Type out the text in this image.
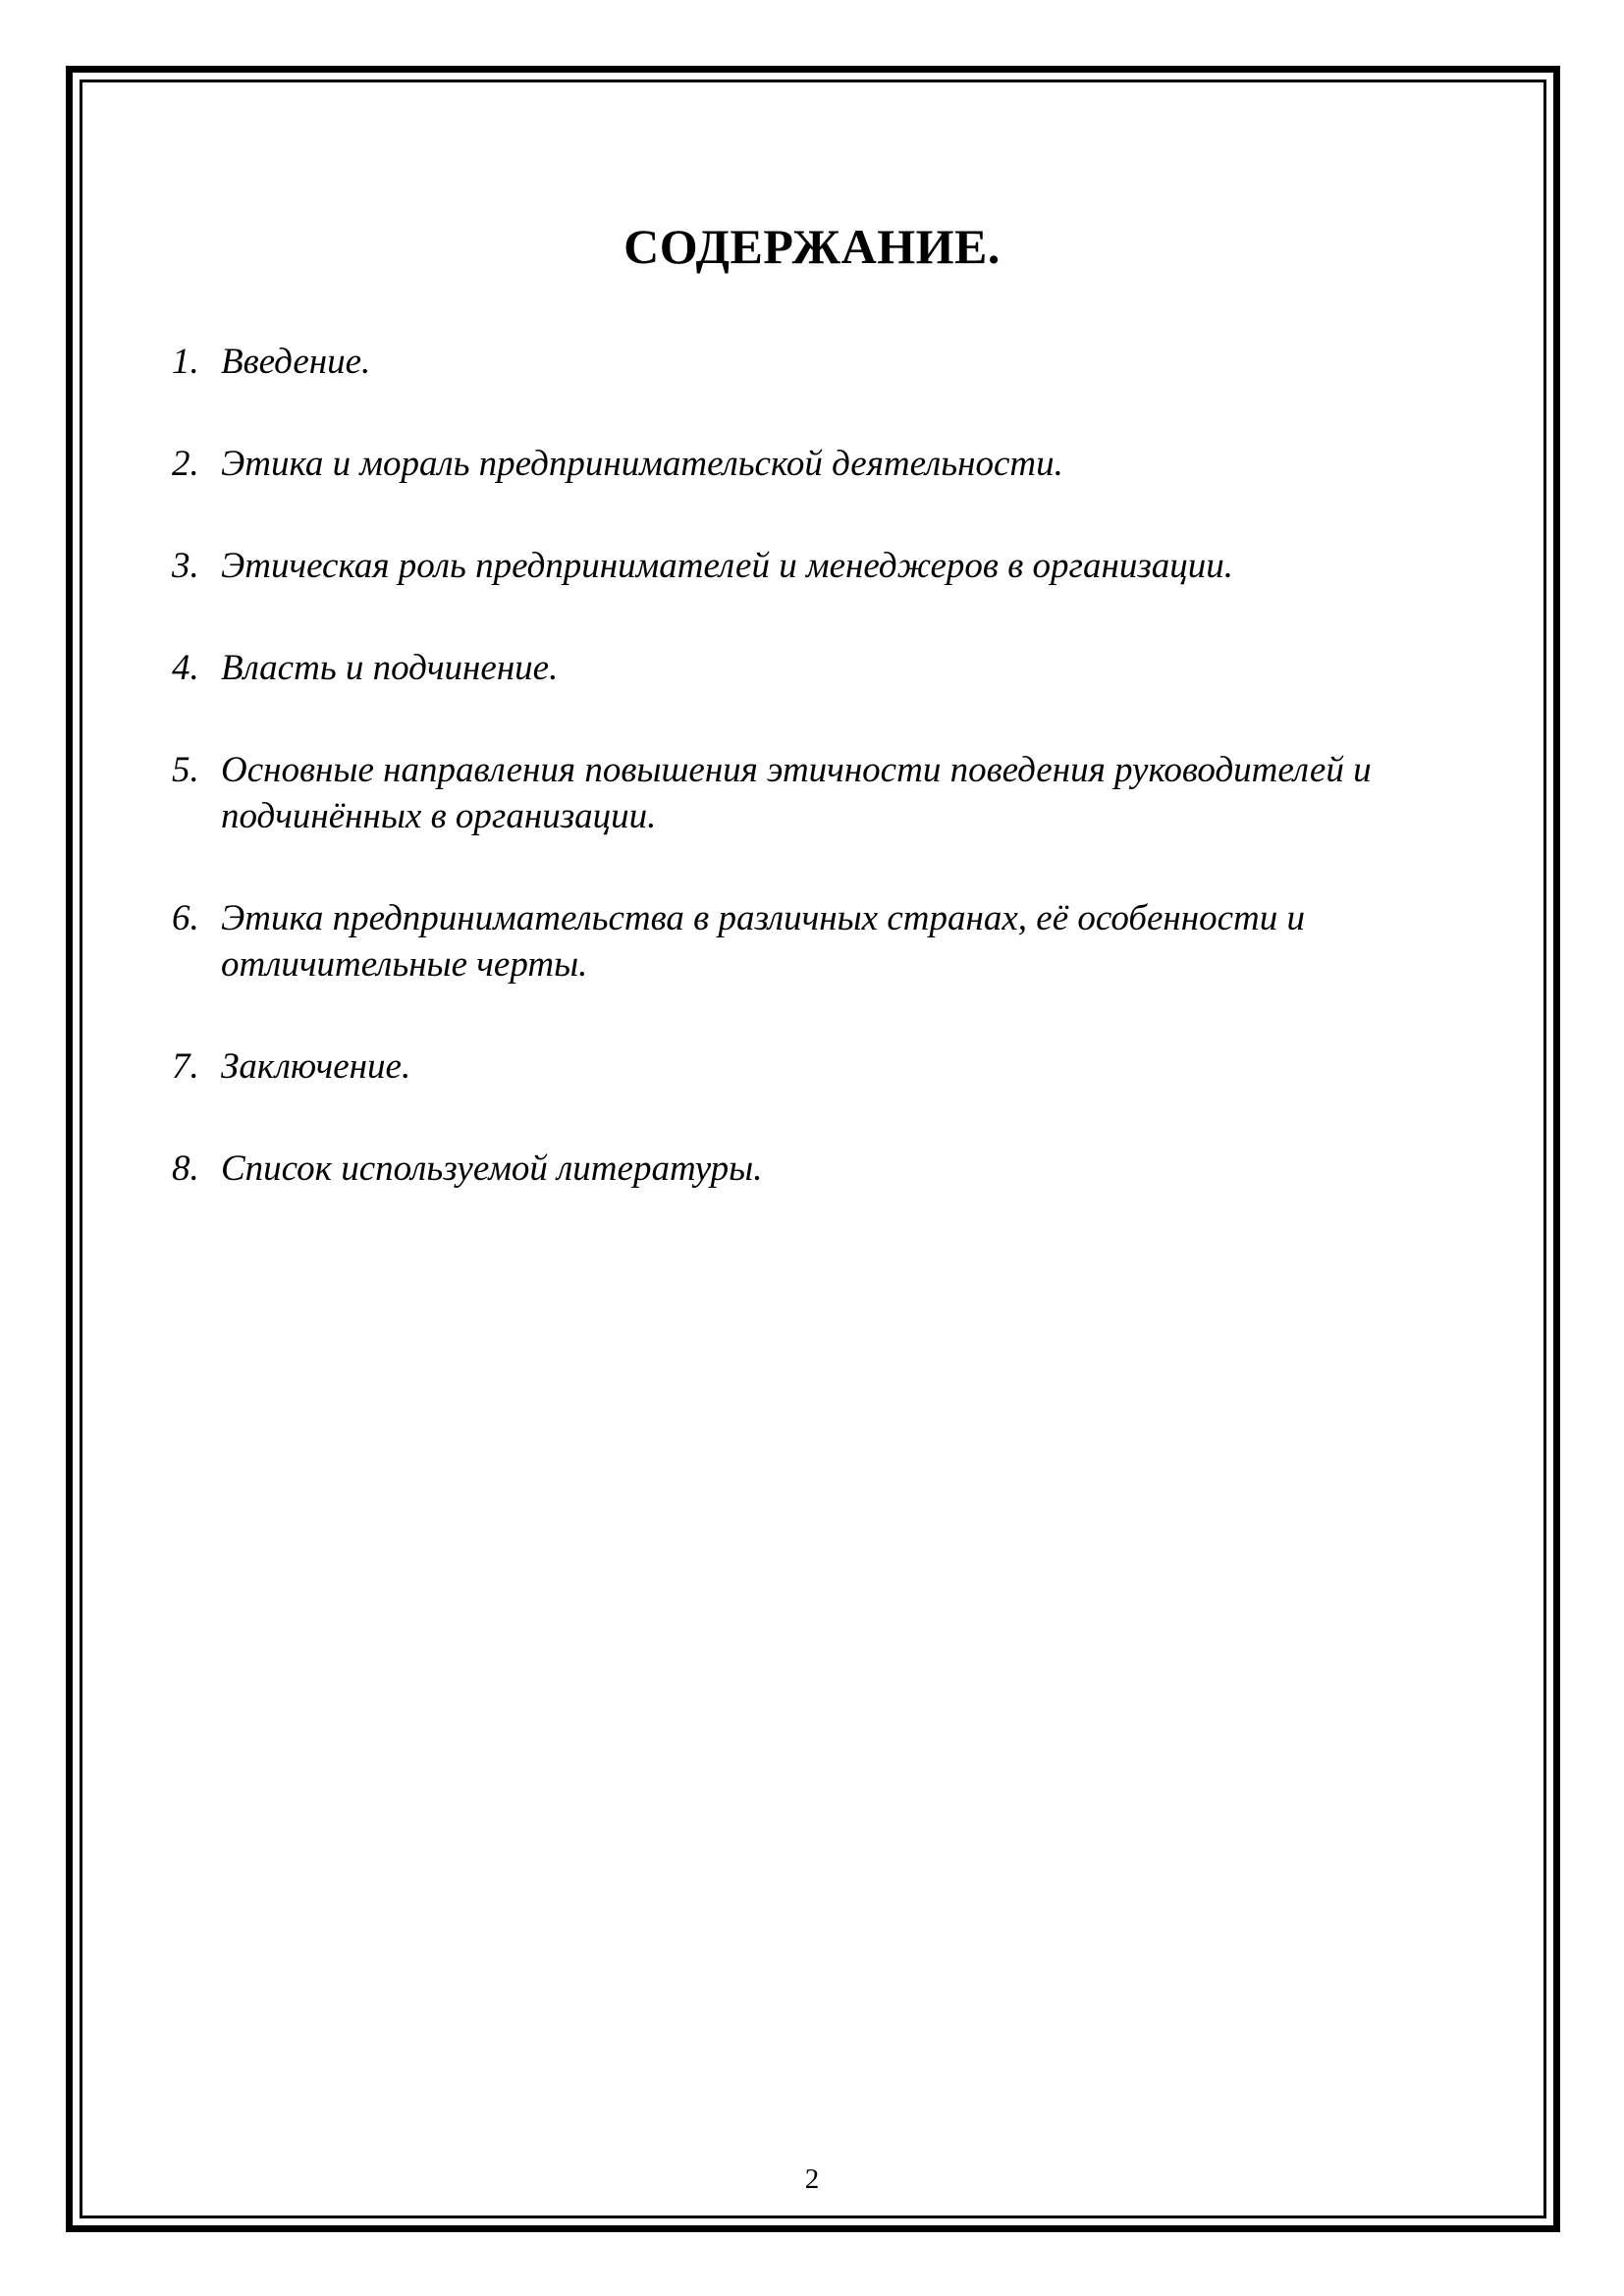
СОДЕРЖАНИЕ.
1. Введение.
2. Этика и мораль предпринимательской деятельности.
3. Этическая роль предпринимателей и менеджеров в организации.
4. Власть и подчинение.
5. Основные направления повышения этичности поведения руководителей и подчинённых в организации.
6. Этика предпринимательства в различных странах, её особенности и отличительные черты.
7. Заключение.
8. Список используемой литературы.
2
